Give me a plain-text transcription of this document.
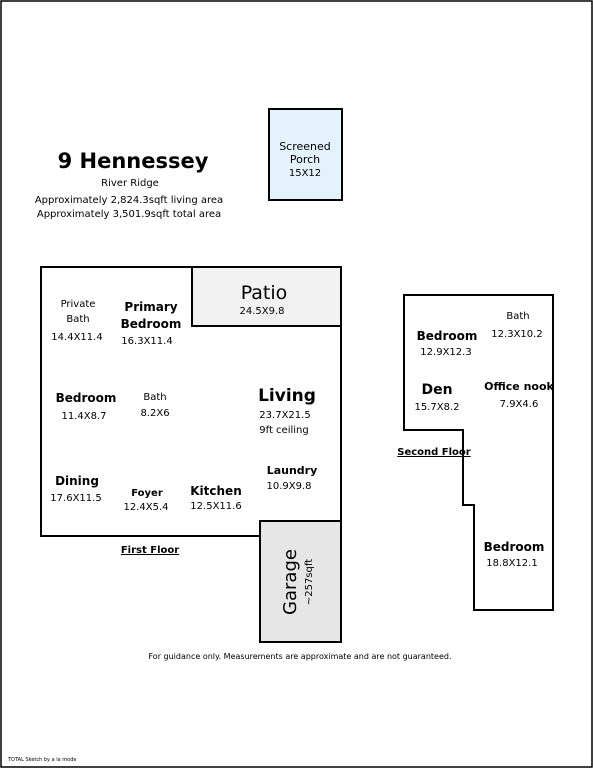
9 Hennessey
River Ridge
Approximately 2,824.3sqft living area
Approximately 3,501.9sqft total area
Screened
Porch
15X12
Patio
24.5X9.8
Garage ~257sqft
Private
Bath
14.4X11.4
Primary
Bedroom
16.3X11.4
Bedroom
11.4X8.7
Bath
8.2X6
Living
23.7X21.5
9ft ceiling
Dining
17.6X11.5	Foyer
12.4X5.4
Kitchen
12.5X11.6
Laundry
10.9X9.8
First Floor
Bedroom
12.9X12.3
Bath
12.3X10.2
Den
15.7X8.2
Office nook
7.9X4.6
Bedroom
18.8X12.1
Second Floor
For guidance only. Measurements are approximate and are not guaranteed.
TOTAL Sketch by a la mode
